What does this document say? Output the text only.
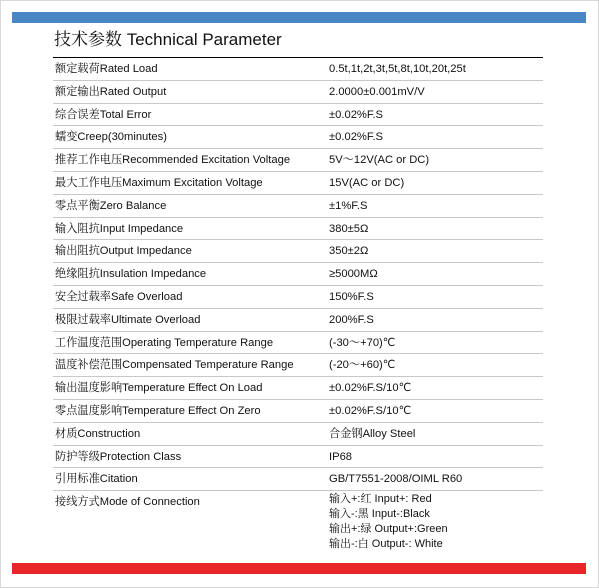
技术参数 Technical Parameter
额定载荷Rated Load	0.5t,1t,2t,3t,5t,8t,10t,20t,25t
额定输出Rated Output	2.0000±0.001mV/V
综合误差Total Error	±0.02%F.S
蠕变Creep(30minutes)	±0.02%F.S
推荐工作电压Recommended Excitation Voltage	5V～12V(AC or DC)
最大工作电压Maximum Excitation Voltage	15V(AC or DC)
零点平衡Zero Balance	±1%F.S
输入阻抗Input Impedance	380±5Ω
输出阻抗Output Impedance	350±2Ω
绝缘阻抗Insulation Impedance	≥5000MΩ
安全过载率Safe Overload	150%F.S
极限过载率Ultimate Overload	200%F.S
工作温度范围Operating Temperature Range	(-30～+70)℃
温度补偿范围Compensated Temperature Range	(-20～+60)℃
输出温度影响Temperature Effect On Load	±0.02%F.S/10℃
零点温度影响Temperature Effect On Zero	±0.02%F.S/10℃
材质Construction	合金钢Alloy Steel
防护等级Protection Class	IP68
引用标准Citation	GB/T7551-2008/OIML R60
接线方式Mode of Connection	输入+:红 Input+: Red
输入-:黑 Input-:Black
输出+:绿 Output+:Green
输出-:白 Output-: White
